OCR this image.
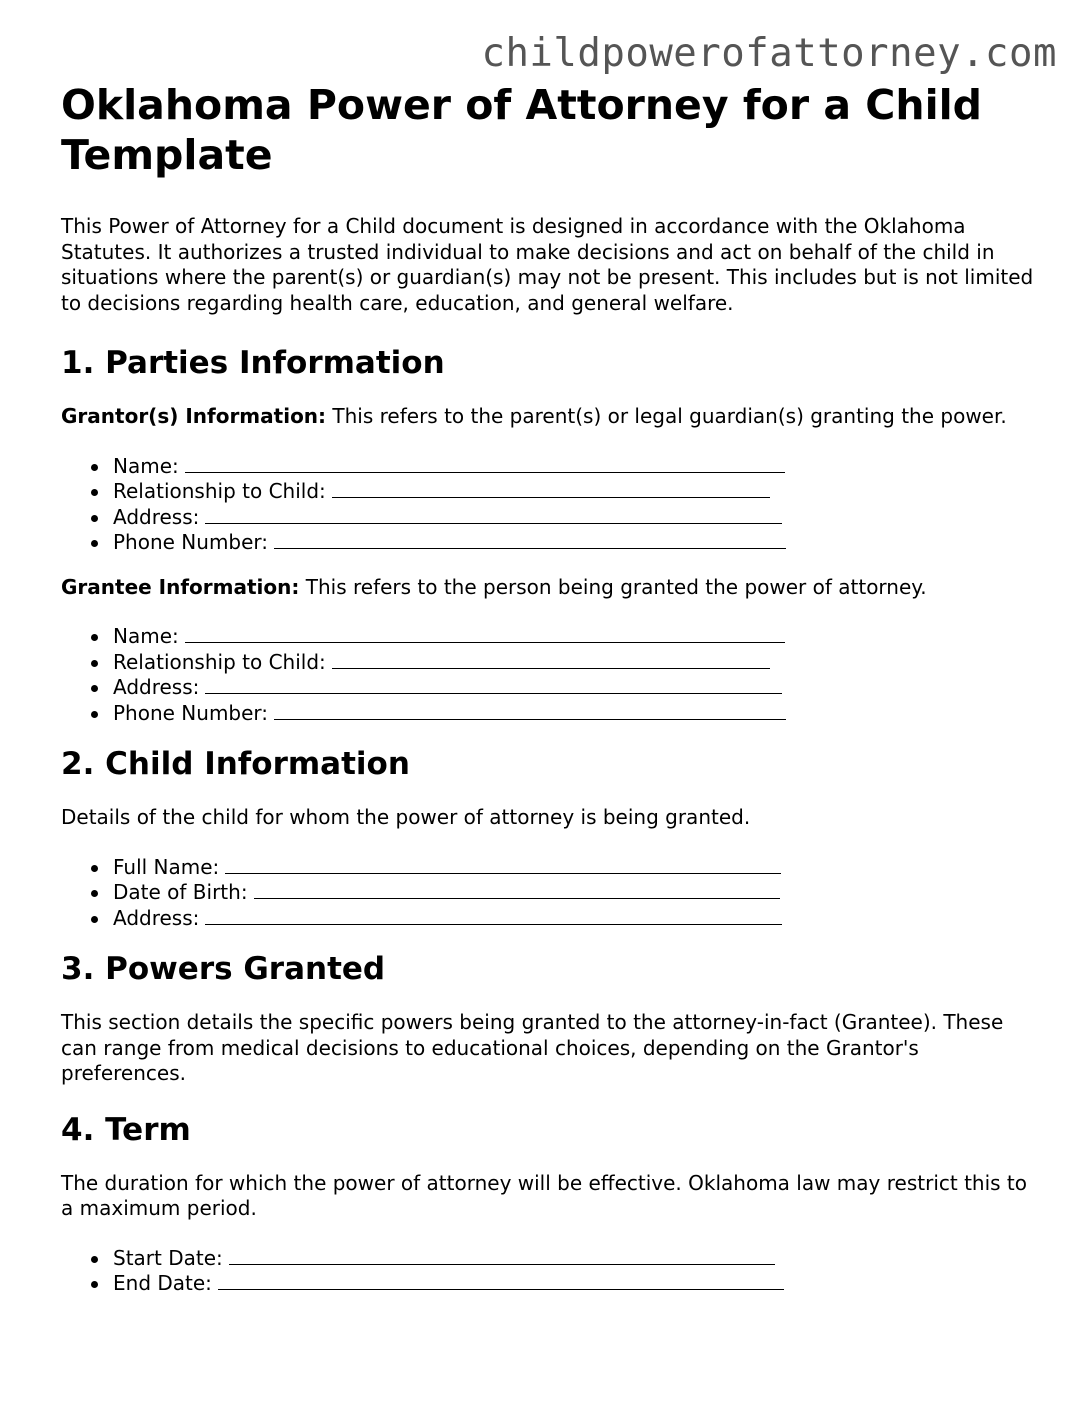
childpowerofattorney.com
Oklahoma Power of Attorney for a Child Template

This Power of Attorney for a Child document is designed in accordance with the Oklahoma Statutes. It authorizes a trusted individual to make decisions and act on behalf of the child in situations where the parent(s) or guardian(s) may not be present. This includes but is not limited to decisions regarding health care, education, and general welfare.

1. Parties Information

Grantor(s) Information: This refers to the parent(s) or legal guardian(s) granting the power.

Name:
Relationship to Child:
Address:
Phone Number:

Grantee Information: This refers to the person being granted the power of attorney.

Name:
Relationship to Child:
Address:
Phone Number:
2. Child Information

Details of the child for whom the power of attorney is being granted.

Full Name:
Date of Birth:
Address:
3. Powers Granted

This section details the specific powers being granted to the attorney-in-fact (Grantee). These can range from medical decisions to educational choices, depending on the Grantor's preferences.

4. Term

The duration for which the power of attorney will be effective. Oklahoma law may restrict this to a maximum period.

Start Date:
End Date:
